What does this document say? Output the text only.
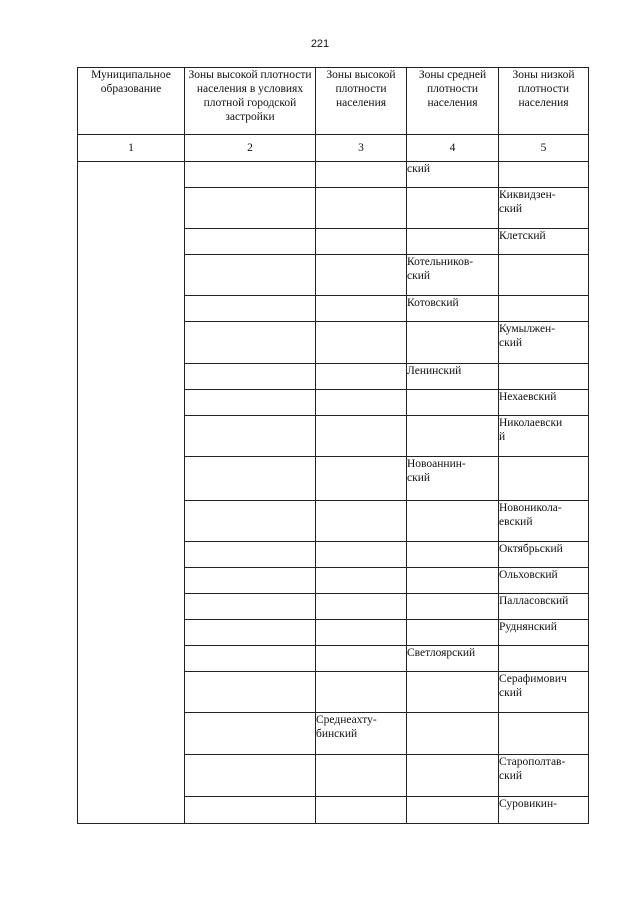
221
Муниципальное образование	Зоны высокой плотности населения в условиях плотной городской застройки	Зоны высокой плотности населения	Зоны средней плотности населения	Зоны низкой плотности населения
1	2	3	4	5
			ский	
				Киквидзен-
ский
				Клетский
			Котельников-
ский	
			Котовский	
				Кумылжен-
ский
			Ленинский	
				Нехаевский
				Николаевски
й
			Новоаннин-
ский	
				Новоникола-
евский
				Октябрьский
				Ольховский
				Палласовский
				Руднянский
			Светлоярский	
				Серафимович
ский
		Среднеахту-
бинский		
				Старополтав-
ский
				Суровикин-
